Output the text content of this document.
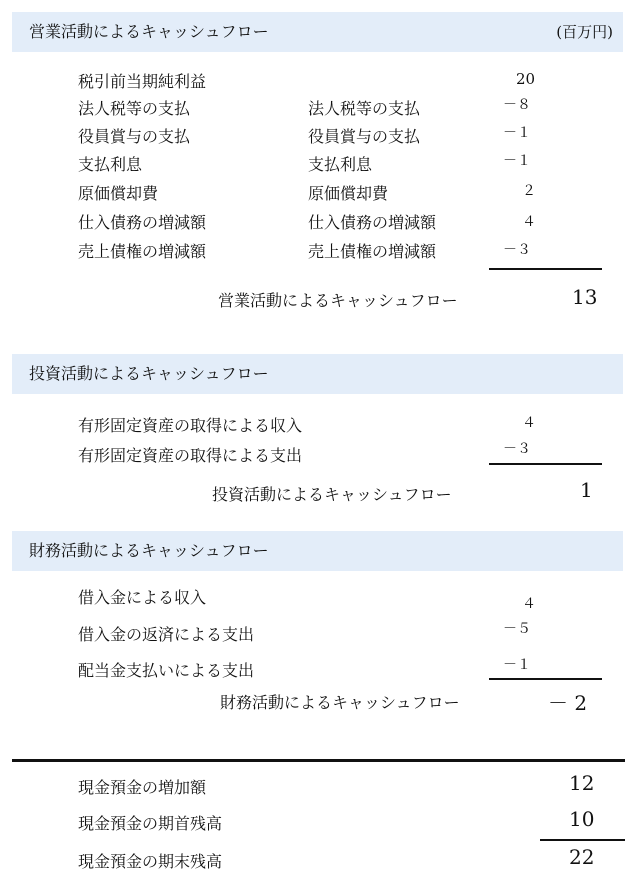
営業活動によるキャッシュフロー	(百万円)
税引前当期純利益	20
法人税等の支払	法人税等の支払	－８
役員賞与の支払	役員賞与の支払	－１
支払利息	支払利息	－１
原価償却費	原価償却費	２
仕入債務の増減額	仕入債務の増減額	４
売上債権の増減額	売上債権の増減額	－３
営業活動によるキャッシュフロー	13
投資活動によるキャッシュフロー
有形固定資産の取得による収入	４
有形固定資産の取得による支出	－３
投資活動によるキャッシュフロー	1
財務活動によるキャッシュフロー
借入金による収入	４
借入金の返済による支出	－５
配当金支払いによる支出	－１
財務活動によるキャッシュフロー	－ 2
現金預金の増加額	12
現金預金の期首残高	10
現金預金の期末残高	22
